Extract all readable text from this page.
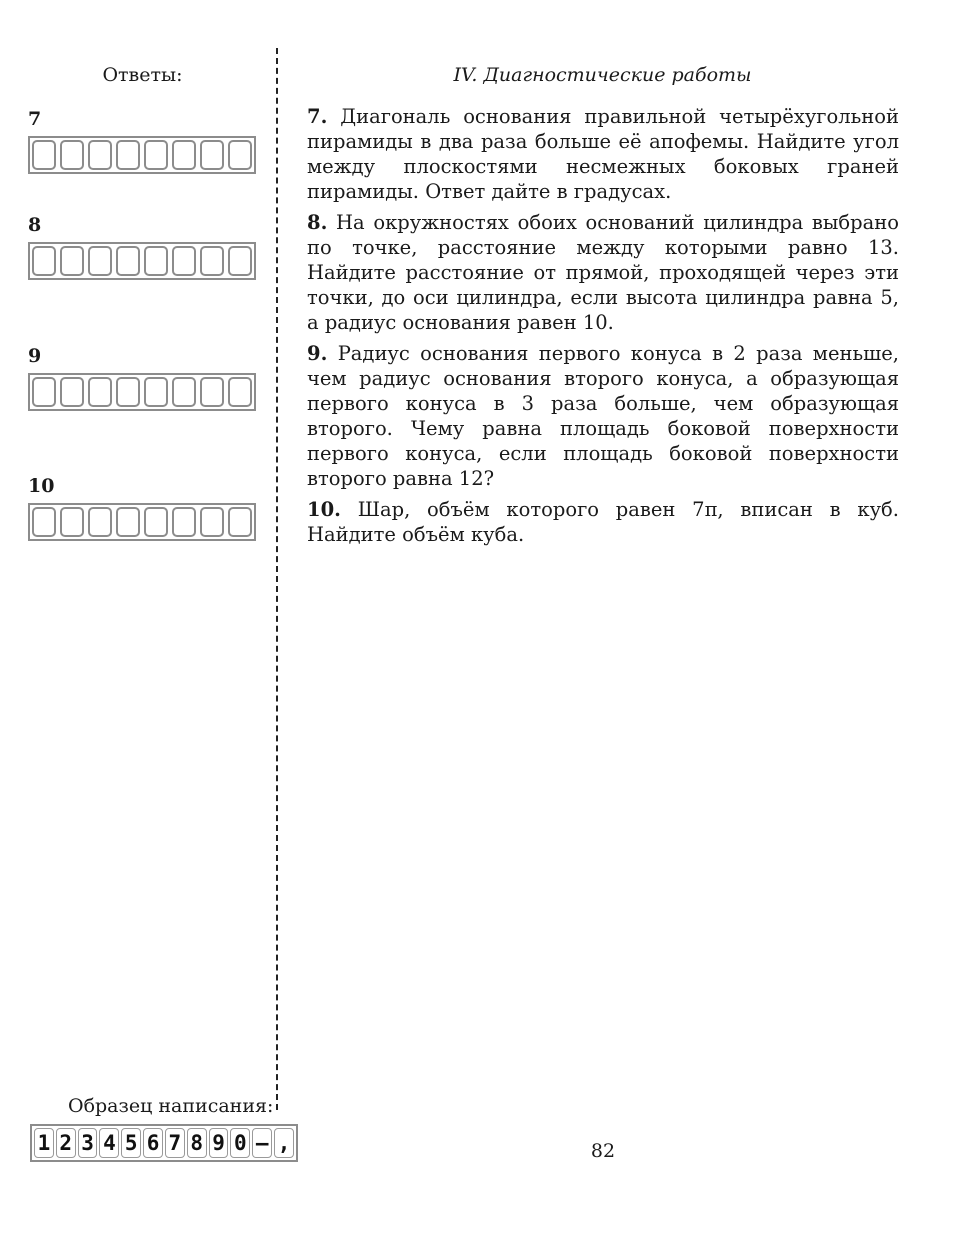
Ответы:	IV. Диагностические работы
7
8
9
10

7. Диагональ основания правильной четырёхугольной пирамиды в два раза больше её апофемы. Найдите угол между плоскостями несмежных боковых граней пирамиды. Ответ дайте в градусах.

8. На окружностях обоих оснований цилиндра выбрано по точке, расстояние между которыми равно 13. Найдите расстояние от прямой, проходящей через эти точки, до оси цилиндра, если высота цилиндра равна 5, а радиус основания равен 10.

9. Радиус основания первого конуса в 2 раза меньше, чем радиус основания второго конуса, а образующая первого конуса в 3 раза больше, чем образующая второго. Чему равна площадь боковой поверхности первого конуса, если площадь боковой поверхности второго равна 12?

10. Шар, объём которого равен 7π, вписан в куб. Найдите объём куба.

Образец написания:
1 2 3 4 5 6 7 8 9 0 – ,	82
